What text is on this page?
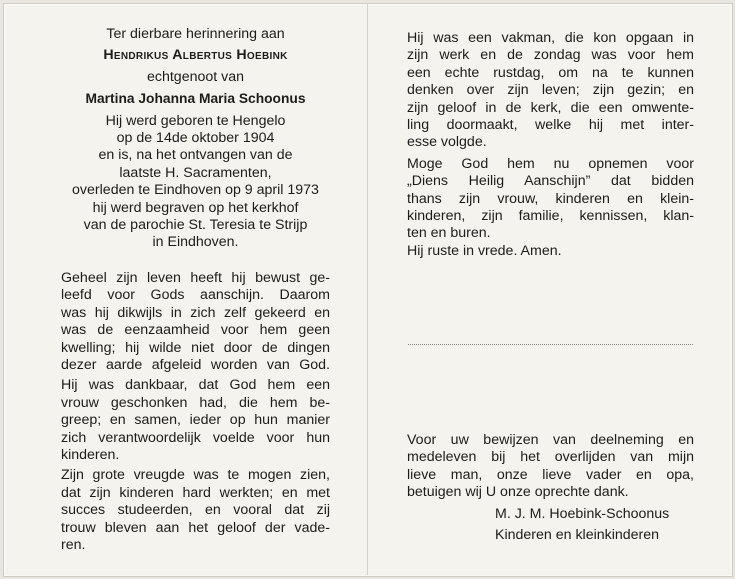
Ter dierbare herinnering aan
Hendrikus Albertus Hoebink
echtgenoot van
Martina Johanna Maria Schoonus
Hij werd geboren te Hengelo
op de 14de oktober 1904
en is, na het ontvangen van de
laatste H. Sacramenten,
overleden te Eindhoven op 9 april 1973
hij werd begraven op het kerkhof
van de parochie St. Teresia te Strijp
in Eindhoven.
Geheel zijn leven heeft hij bewust ge-
leefd voor Gods aanschijn. Daarom
was hij dikwijls in zich zelf gekeerd en
was de eenzaamheid voor hem geen
kwelling; hij wilde niet door de dingen
dezer aarde afgeleid worden van God.
Hij was dankbaar, dat God hem een
vrouw geschonken had, die hem be-
greep; en samen, ieder op hun manier
zich verantwoordelijk voelde voor hun
kinderen.
Zijn grote vreugde was te mogen zien,
dat zijn kinderen hard werkten; en met
succes studeerden, en vooral dat zij
trouw bleven aan het geloof der vade-
ren.
Hij was een vakman, die kon opgaan in
zijn werk en de zondag was voor hem
een echte rustdag, om na te kunnen
denken over zijn leven; zijn gezin; en
zijn geloof in de kerk, die een omwente-
ling doormaakt, welke hij met inter-
esse volgde.
Moge God hem nu opnemen voor
„Diens Heilig Aanschijn” dat bidden
thans zijn vrouw, kinderen en klein-
kinderen, zijn familie, kennissen, klan-
ten en buren.
Hij ruste in vrede. Amen.
Voor uw bewijzen van deelneming en
medeleven bij het overlijden van mijn
lieve man, onze lieve vader en opa,
betuigen wij U onze oprechte dank.
M. J. M. Hoebink-Schoonus
Kinderen en kleinkinderen
